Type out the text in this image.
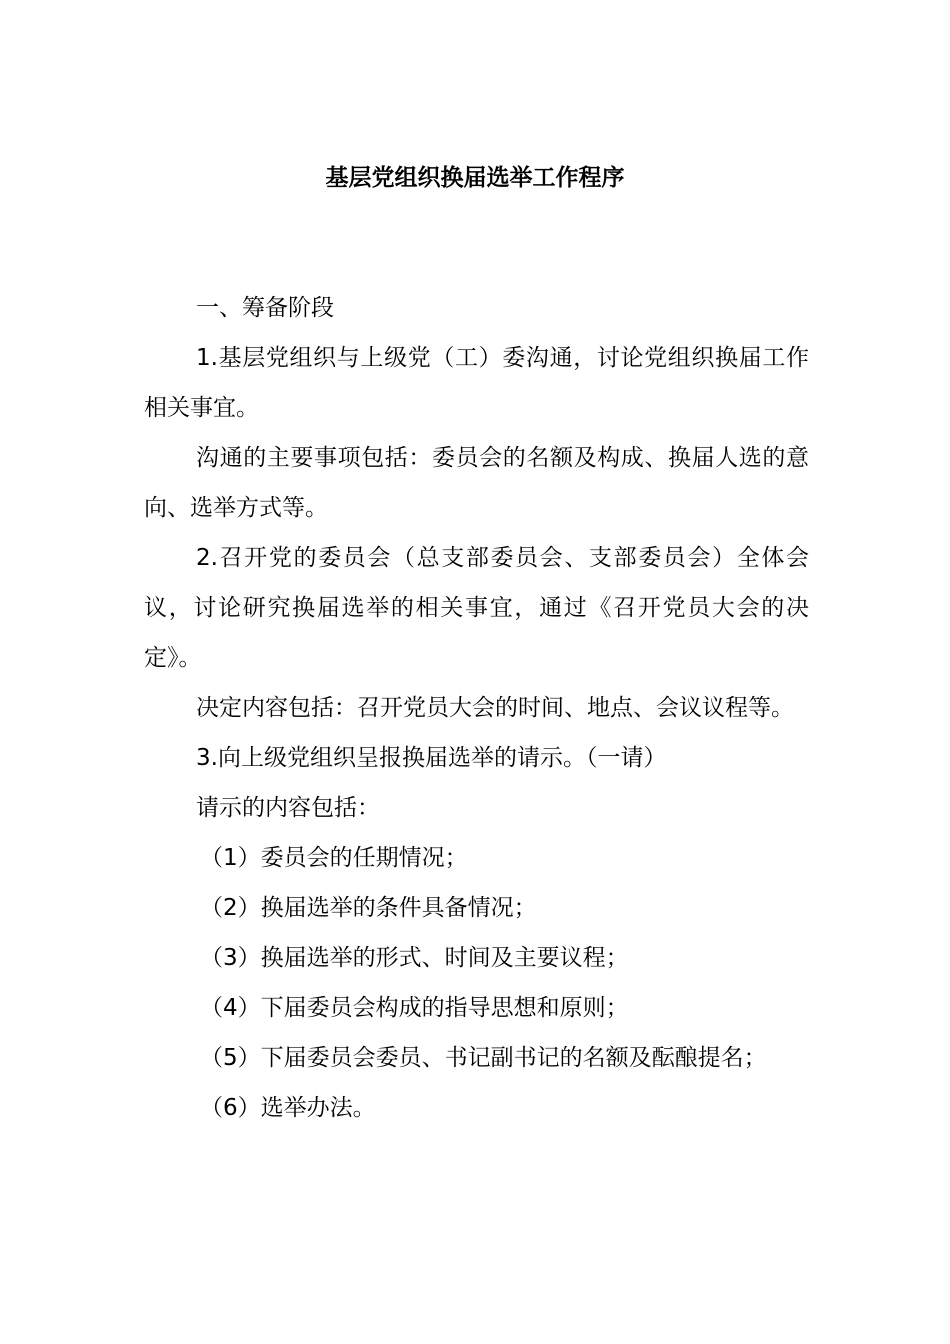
基层党组织换届选举工作程序

一、筹备阶段

1.基层党组织与上级党（工）委沟通，讨论党组织换届工作相关事宜。

沟通的主要事项包括：委员会的名额及构成、换届人选的意向、选举方式等。

2.召开党的委员会（总支部委员会、支部委员会）全体会议，讨论研究换届选举的相关事宜，通过《召开党员大会的决定》。

决定内容包括：召开党员大会的时间、地点、会议议程等。

3.向上级党组织呈报换届选举的请示。（一请）

请示的内容包括：

（1）委员会的任期情况；

（2）换届选举的条件具备情况；

（3）换届选举的形式、时间及主要议程；

（4）下届委员会构成的指导思想和原则；

（5）下届委员会委员、书记副书记的名额及酝酿提名；

（6）选举办法。
